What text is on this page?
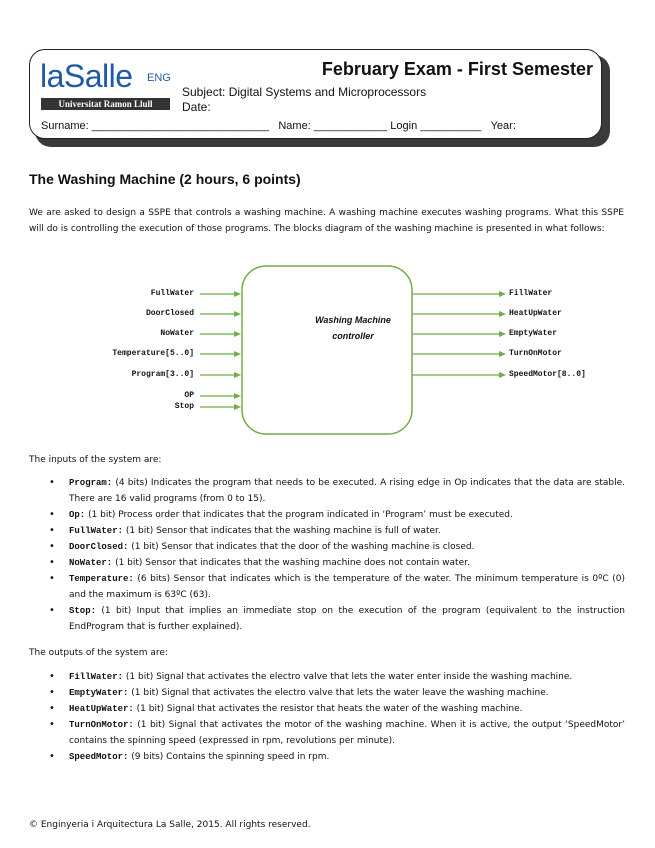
laSalle ENG
Universitat Ramon Llull
February Exam - First Semester
Subject: Digital Systems and Microprocessors
Date:
Surname: _____________________________ Name: ____________ Login __________ Year:
The Washing Machine (2 hours, 6 points)
We are asked to design a SSPE that controls a washing machine. A washing machine executes washing programs. What this SSPE will do is controlling the execution of those programs. The blocks diagram of the washing machine is presented in what follows:
Washing Machine
controller
FullWater
DoorClosed
NoWater
Temperature[5..0]
Program[3..0]
OP
Stop
FillWater
HeatUpWater
EmptyWater
TurnOnMotor
SpeedMotor[8..0]
The inputs of the system are:
• Program: (4 bits) Indicates the program that needs to be executed. A rising edge in Op indicates that the data are stable. There are 16 valid programs (from 0 to 15).
• Op: (1 bit) Process order that indicates that the program indicated in ‘Program’ must be executed.
• FullWater: (1 bit) Sensor that indicates that the washing machine is full of water.
• DoorClosed: (1 bit) Sensor that indicates that the door of the washing machine is closed.
• NoWater: (1 bit) Sensor that indicates that the washing machine does not contain water.
• Temperature: (6 bits) Sensor that indicates which is the temperature of the water. The minimum temperature is 0ºC (0) and the maximum is 63ºC (63).
• Stop: (1 bit) Input that implies an immediate stop on the execution of the program (equivalent to the instruction EndProgram that is further explained).
The outputs of the system are:
• FillWater: (1 bit) Signal that activates the electro valve that lets the water enter inside the washing machine.
• EmptyWater: (1 bit) Signal that activates the electro valve that lets the water leave the washing machine.
• HeatUpWater: (1 bit) Signal that activates the resistor that heats the water of the washing machine.
• TurnOnMotor: (1 bit) Signal that activates the motor of the washing machine. When it is active, the output ‘SpeedMotor’ contains the spinning speed (expressed in rpm, revolutions per minute).
• SpeedMotor: (9 bits) Contains the spinning speed in rpm.
© Enginyeria i Arquitectura La Salle, 2015. All rights reserved.
